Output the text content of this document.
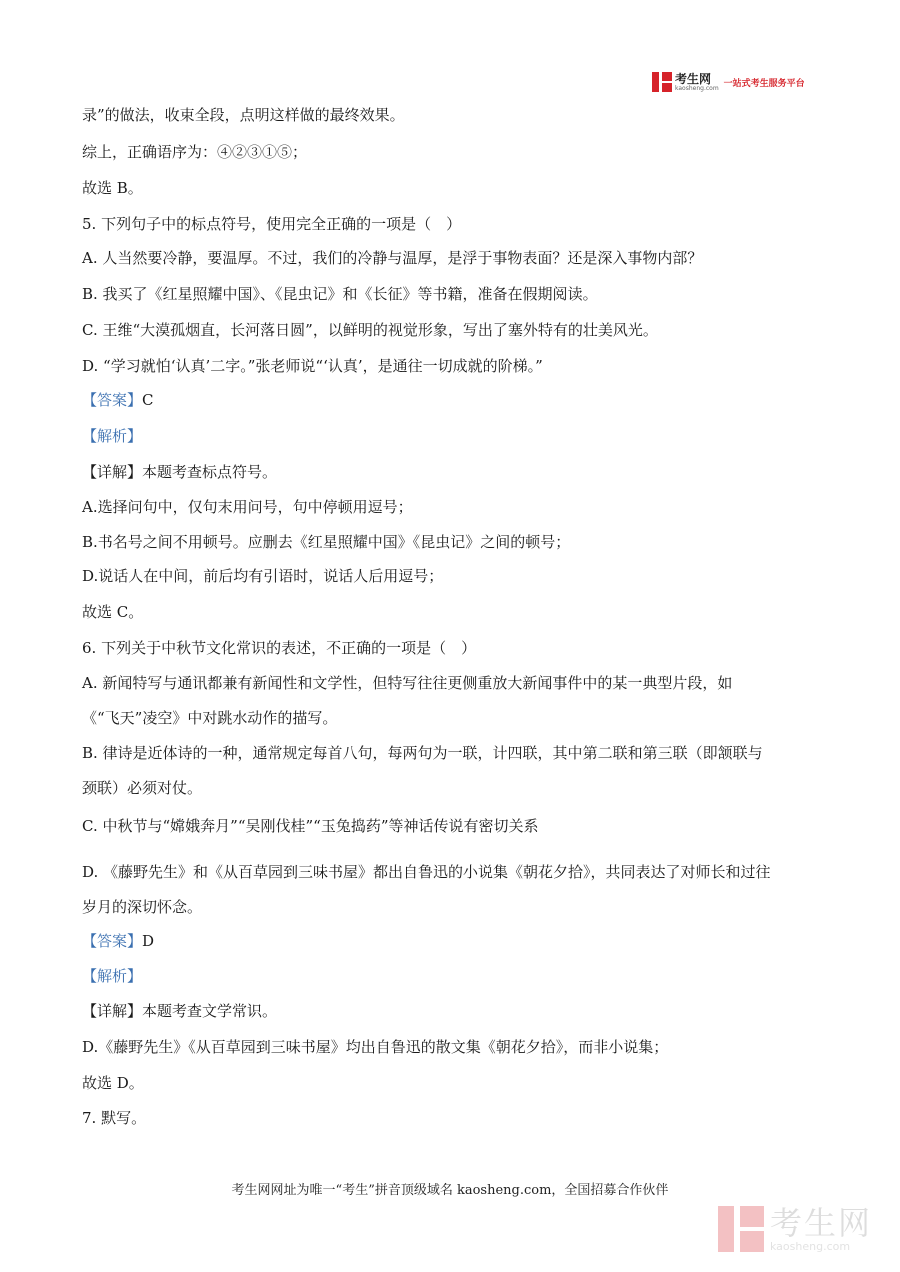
考生网
kaosheng.com 一站式考生服务平台
录”的做法，收束全段，点明这样做的最终效果。
综上，正确语序为：④②③①⑤；
故选 B。
5. 下列句子中的标点符号，使用完全正确的一项是（　）
A. 人当然要冷静，要温厚。不过，我们的冷静与温厚，是浮于事物表面？还是深入事物内部？
B. 我买了《红星照耀中国》、《昆虫记》和《长征》等书籍，准备在假期阅读。
C. 王维“大漠孤烟直，长河落日圆”，以鲜明的视觉形象，写出了塞外特有的壮美风光。
D. “学习就怕‘认真’二字。”张老师说“‘认真’，是通往一切成就的阶梯。”
【答案】C
【解析】
【详解】本题考查标点符号。
A.选择问句中，仅句末用问号，句中停顿用逗号；
B.书名号之间不用顿号。应删去《红星照耀中国》《昆虫记》之间的顿号；
D.说话人在中间，前后均有引语时，说话人后用逗号；
故选 C。
6. 下列关于中秋节文化常识的表述，不正确的一项是（　）
A. 新闻特写与通讯都兼有新闻性和文学性，但特写往往更侧重放大新闻事件中的某一典型片段，如
《“飞天”凌空》中对跳水动作的描写。
B. 律诗是近体诗的一种，通常规定每首八句，每两句为一联，计四联，其中第二联和第三联（即颔联与
颈联）必须对仗。
C. 中秋节与“嫦娥奔月”“吴刚伐桂”“玉兔捣药”等神话传说有密切关系
D. 《藤野先生》和《从百草园到三味书屋》都出自鲁迅的小说集《朝花夕拾》，共同表达了对师长和过往
岁月的深切怀念。
【答案】D
【解析】
【详解】本题考查文学常识。
D.《藤野先生》《从百草园到三味书屋》均出自鲁迅的散文集《朝花夕拾》，而非小说集；
故选 D。
7. 默写。
考生网网址为唯一“考生”拼音顶级域名 kaosheng.com，全国招募合作伙伴
考生网
kaosheng.com
